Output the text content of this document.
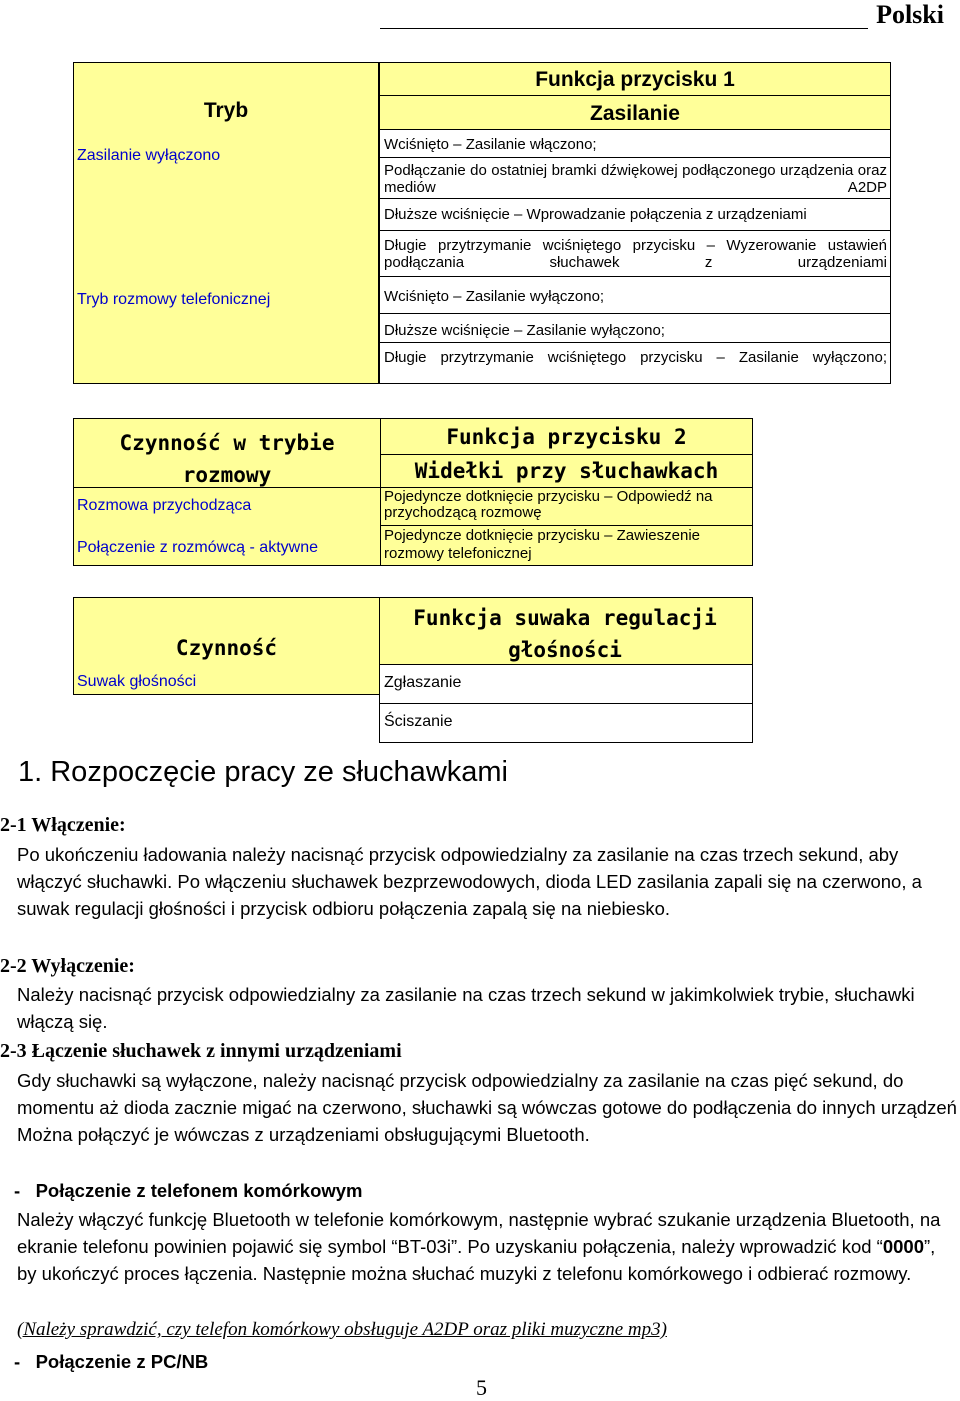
Polski
Tryb
Zasilanie wyłączono
Tryb rozmowy telefonicznej
Funkcja przycisku 1
Zasilanie
Wciśnięto – Zasilanie włączono;
Podłączanie do ostatniej bramki dźwiękowej podłączonego urządzenia oraz mediów A2DP
Dłuższe wciśnięcie – Wprowadzanie połączenia z urządzeniami
Długie przytrzymanie wciśniętego przycisku – Wyzerowanie ustawień podłączania słuchawek z urządzeniami
Wciśnięto – Zasilanie wyłączono;
Dłuższe wciśnięcie – Zasilanie wyłączono;
Długie przytrzymanie wciśniętego przycisku – Zasilanie wyłączono;
Czynność w trybie rozmowy
Funkcja przycisku 2
Widełki przy słuchawkach
Rozmowa przychodząca
Pojedyncze dotknięcie przycisku – Odpowiedź na przychodzącą rozmowę
Połączenie z rozmówcą - aktywne
Pojedyncze dotknięcie przycisku – Zawieszenie rozmowy telefonicznej
Czynność
Suwak głośności
Funkcja suwaka regulacji głośności
Zgłaszanie
Ściszanie
1. Rozpoczęcie pracy ze słuchawkami
2-1 Włączenie:
Po ukończeniu ładowania należy nacisnąć przycisk odpowiedzialny za zasilanie na czas trzech sekund, aby włączyć słuchawki. Po włączeniu słuchawek bezprzewodowych, dioda LED zasilania zapali się na czerwono, a suwak regulacji głośności i przycisk odbioru połączenia zapalą się na niebiesko.
2-2 Wyłączenie:
Należy nacisnąć przycisk odpowiedzialny za zasilanie na czas trzech sekund w jakimkolwiek trybie, słuchawki włączą się.
2-3 Łączenie słuchawek z innymi urządzeniami
Gdy słuchawki są wyłączone, należy nacisnąć przycisk odpowiedzialny za zasilanie na czas pięć sekund, do momentu aż dioda zacznie migać na czerwono, słuchawki są wówczas gotowe do podłączenia do innych urządzeń Można połączyć je wówczas z urządzeniami obsługującymi Bluetooth.
-   Połączenie z telefonem komórkowym
Należy włączyć funkcję Bluetooth w telefonie komórkowym, następnie wybrać szukanie urządzenia Bluetooth, na ekranie telefonu powinien pojawić się symbol “BT-03i”. Po uzyskaniu połączenia, należy wprowadzić kod “0000”, by ukończyć proces łączenia. Następnie można słuchać muzyki z telefonu komórkowego i odbierać rozmowy.
(Należy sprawdzić, czy telefon komórkowy obsługuje A2DP oraz pliki muzyczne mp3)
-   Połączenie z PC/NB
5
